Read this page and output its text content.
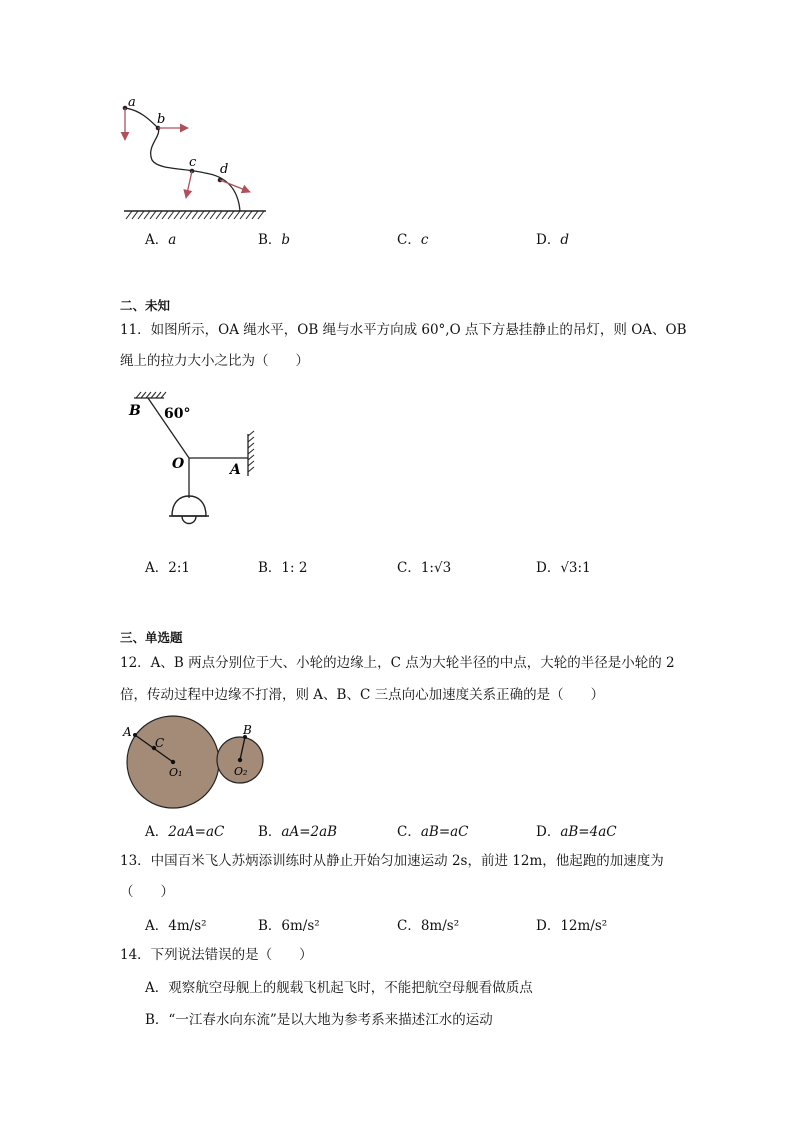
a
b
c d
A．a	B．b	C．c	D．d
二、未知
11．如图所示，OA 绳水平，OB 绳与水平方向成 60°,O 点下方悬挂静止的吊灯，则 OA、OB
绳上的拉力大小之比为（　　）
B 60°
O	A
A．2:1	B．1: 2	C．1:√3	D．√3:1
三、单选题
12．A、B 两点分别位于大、小轮的边缘上，C 点为大轮半径的中点，大轮的半径是小轮的 2
倍，传动过程中边缘不打滑，则 A、B、C 三点向心加速度关系正确的是（　　）
A
C
O₁
B
O₂
A．2aA=aC B．aA=2aB	C．aB=aC	D．aB=4aC
13．中国百米飞人苏炳添训练时从静止开始匀加速运动 2s，前进 12m，他起跑的加速度为
（　　）
A．4m/s²	B．6m/s²	C．8m/s²	D．12m/s²
14．下列说法错误的是（　　）
A．观察航空母舰上的舰载飞机起飞时，不能把航空母舰看做质点
B．“一江春水向东流”是以大地为参考系来描述江水的运动
